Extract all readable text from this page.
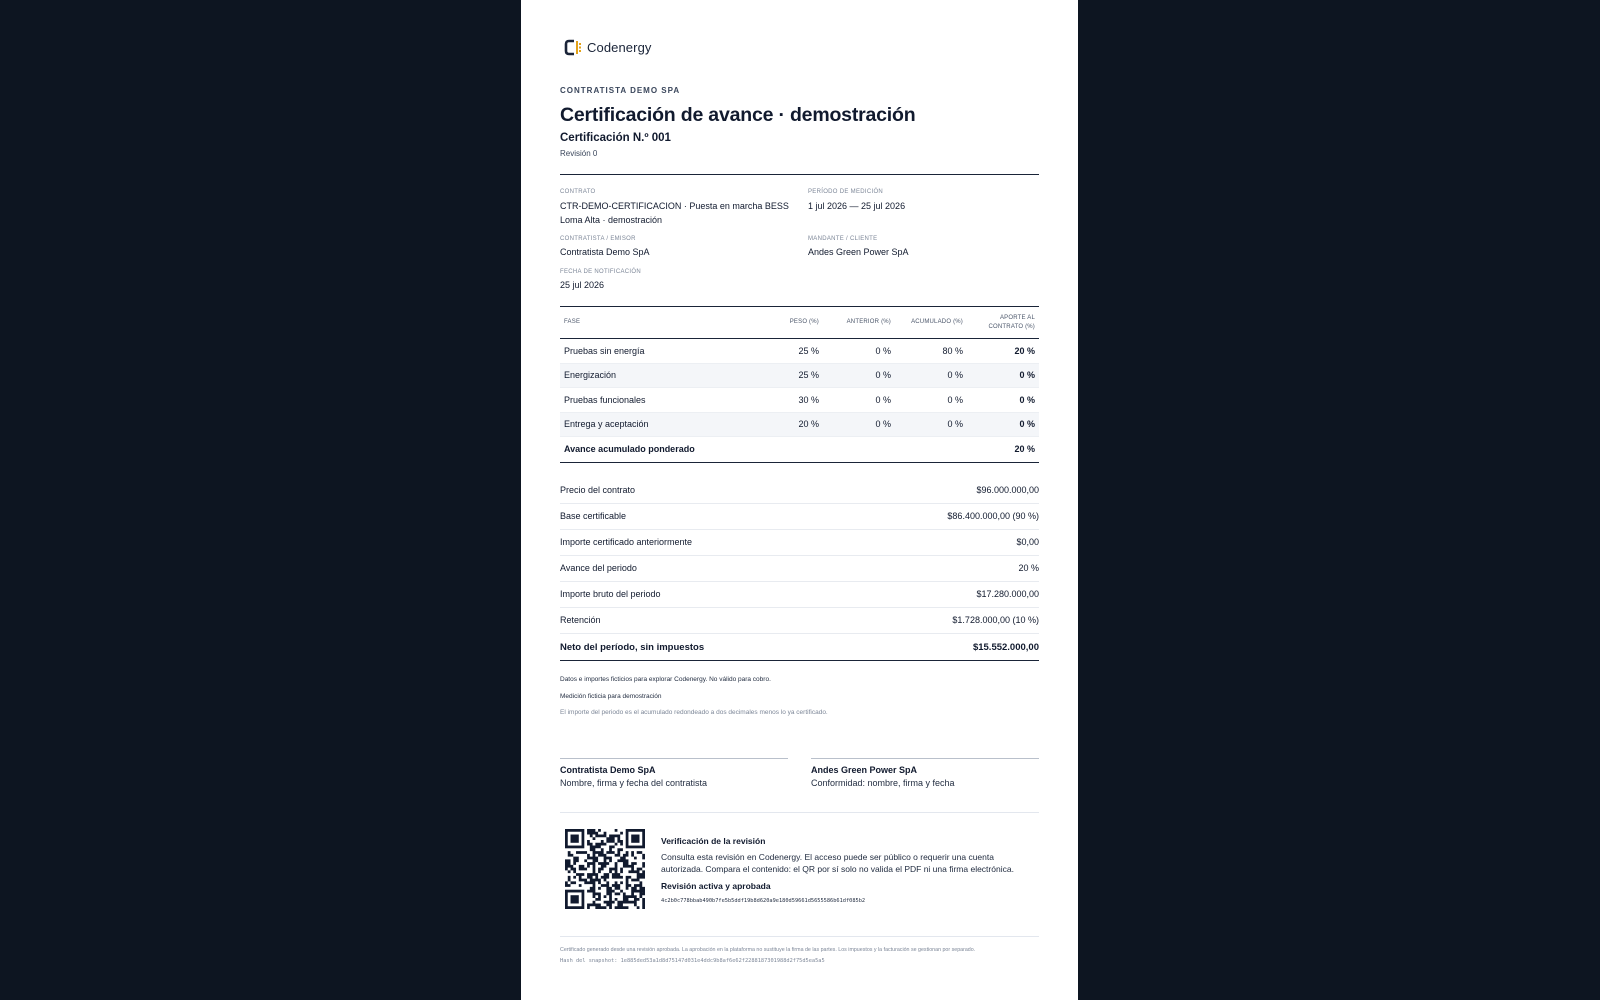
Codenergy
CONTRATISTA DEMO SPA
Certificación de avance · demostración
Certificación N.º 001
Revisión 0
CONTRATO
CTR-DEMO-CERTIFICACION · Puesta en marcha BESS Loma Alta · demostración
PERÍODO DE MEDICIÓN
1 jul 2026 — 25 jul 2026
CONTRATISTA / EMISOR
Contratista Demo SpA
MANDANTE / CLIENTE
Andes Green Power SpA
FECHA DE NOTIFICACIÓN
25 jul 2026
FASE	PESO (%)	ANTERIOR (%)	ACUMULADO (%)	APORTE AL CONTRATO (%)
Pruebas sin energía	25 %	0 %	80 %	20 %
Energización	25 %	0 %	0 %	0 %
Pruebas funcionales	30 %	0 %	0 %	0 %
Entrega y aceptación	20 %	0 %	0 %	0 %
Avance acumulado ponderado				20 %
Precio del contrato	$96.000.000,00
Base certificable	$86.400.000,00 (90 %)
Importe certificado anteriormente	$0,00
Avance del periodo	20 %
Importe bruto del periodo	$17.280.000,00
Retención	$1.728.000,00 (10 %)
Neto del período, sin impuestos	$15.552.000,00
Datos e importes ficticios para explorar Codenergy. No válido para cobro.
Medición ficticia para demostración
El importe del periodo es el acumulado redondeado a dos decimales menos lo ya certificado.
Contratista Demo SpA
Nombre, firma y fecha del contratista
Andes Green Power SpA
Conformidad: nombre, firma y fecha
Verificación de la revisión
Consulta esta revisión en Codenergy. El acceso puede ser público o requerir una cuenta autorizada. Compara el contenido: el QR por sí solo no valida el PDF ni una firma electrónica.
Revisión activa y aprobada
4c2b0c778bbab490b7fe5b5ddf19b8d620a9e180d59661d5655586b61df085b2
Certificado generado desde una revisión aprobada. La aprobación en la plataforma no sustituye la firma de las partes. Los impuestos y la facturación se gestionan por separado.
Hash del snapshot: 1e885ded53a1d8d75147d031e4ddc9b8af6e62f2288187301988d2f75d5ea5a5
